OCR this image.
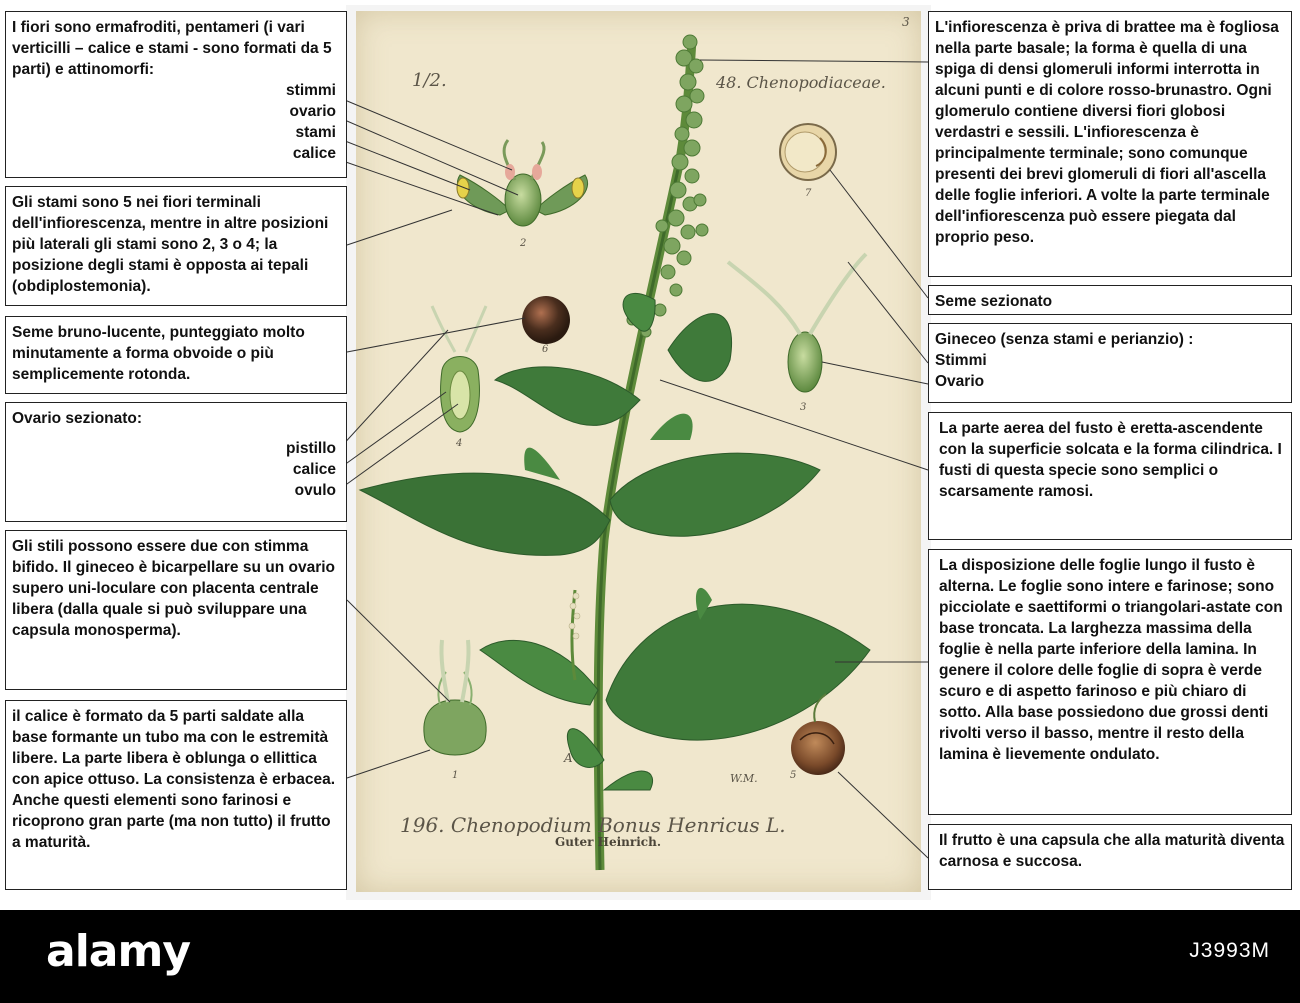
1/2.	48. Chenopodiaceae.
3
2
7
6
3
4
1	5
A
W.M.
196. Chenopodium Bonus Henricus L.
Guter Heinrich.

I fiori sono ermafroditi, pentameri (i vari verticilli – calice e stami - sono formati da 5 parti) e attinomorfi:

stimmi

ovario

stami

calice

Gli stami sono 5 nei fiori terminali dell'infiorescenza, mentre in altre posizioni più laterali gli stami sono 2, 3 o 4; la posizione degli stami è opposta ai tepali (obdiplostemonia).

Seme bruno-lucente, punteggiato molto minutamente a forma obvoide o più semplicemente rotonda.

Ovario sezionato:

pistillo

calice

ovulo

Gli stili possono essere due con stimma bifido. Il gineceo è bicarpellare su un ovario supero uni-loculare con placenta centrale libera (dalla quale si può sviluppare una capsula monosperma).

il calice è formato da 5 parti saldate alla base formante un tubo ma con le estremità libere. La parte libera è oblunga o ellittica con apice ottuso. La consistenza è erbacea. Anche questi elementi sono farinosi e ricoprono gran parte (ma non tutto) il frutto a maturità.

L'infiorescenza è priva di brattee ma è fogliosa nella parte basale; la forma è quella di una spiga di densi glomeruli informi interrotta in alcuni punti e di colore rosso-brunastro. Ogni glomerulo contiene diversi fiori globosi verdastri e sessili. L'infiorescenza è principalmente terminale; sono comunque presenti dei brevi glomeruli di fiori all'ascella delle foglie inferiori. A volte la parte terminale dell'infiorescenza può essere piegata dal proprio peso.

Seme sezionato

Gineceo (senza stami e perianzio) :

Stimmi

Ovario

La parte aerea del fusto è eretta-ascendente con la superficie solcata e la forma cilindrica. I fusti di questa specie sono semplici o scarsamente ramosi.

La disposizione delle foglie lungo il fusto è alterna. Le foglie sono intere e farinose; sono picciolate e saettiformi o triangolari-astate con base troncata. La larghezza massima della foglie è nella parte inferiore della lamina. In genere il colore delle foglie di sopra è verde scuro e di aspetto farinoso e più chiaro di sotto. Alla base possiedono due grossi denti rivolti verso il basso, mentre il resto della lamina è lievemente ondulato.

Il frutto è una capsula che alla maturità diventa carnosa e succosa.

alamy	J3993M
